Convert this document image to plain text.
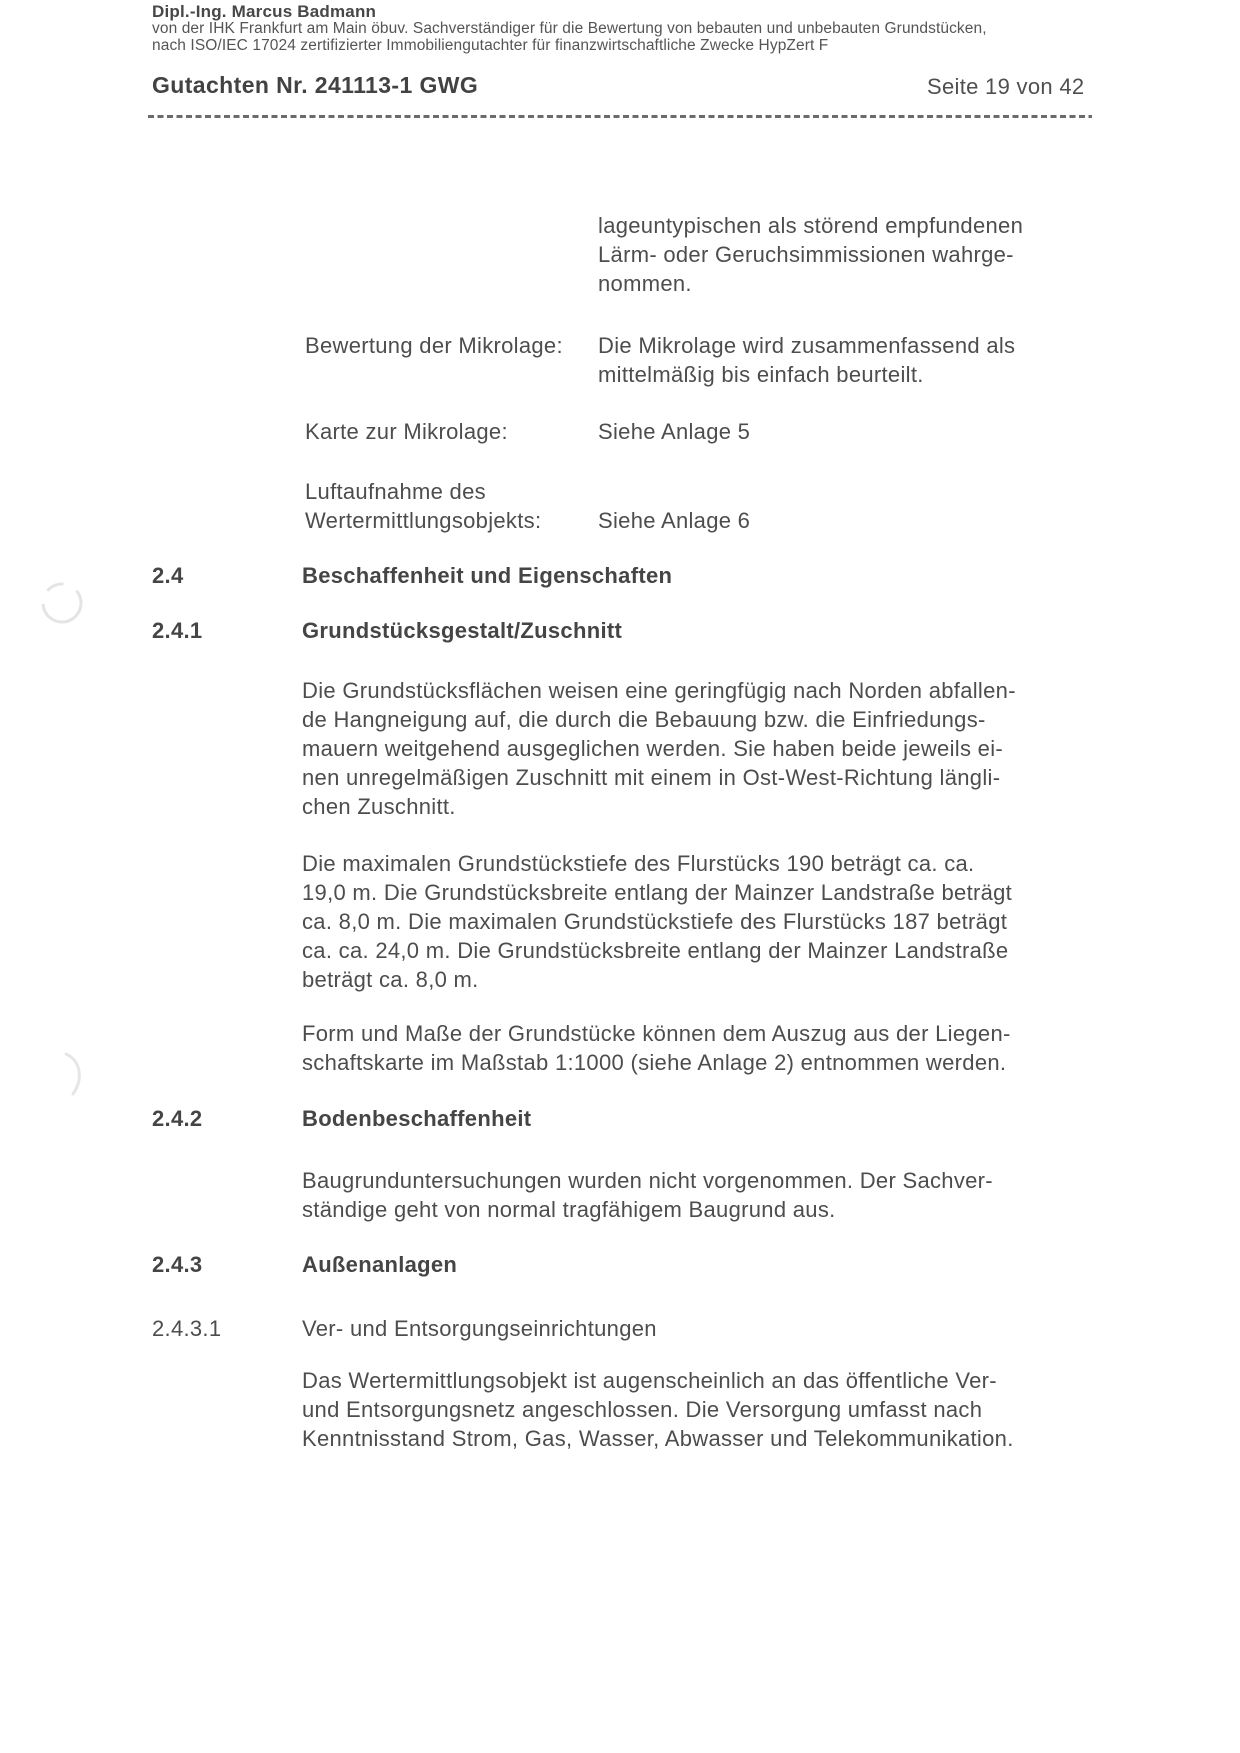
Dipl.-Ing. Marcus Badmann
von der IHK Frankfurt am Main öbuv. Sachverständiger für die Bewertung von bebauten und unbebauten Grundstücken,
nach ISO/IEC 17024 zertifizierter Immobiliengutachter für finanzwirtschaftliche Zwecke HypZert F
Gutachten Nr. 241113-1 GWG	Seite 19 von 42
lageuntypischen als störend empfundenen
Lärm- oder Geruchsimmissionen wahrge-
nommen.
Bewertung der Mikrolage: Die Mikrolage wird zusammenfassend als
mittelmäßig bis einfach beurteilt.
Karte zur Mikrolage:	Siehe Anlage 5
Luftaufnahme des
Wertermittlungsobjekts:	Siehe Anlage 6
2.4	Beschaffenheit und Eigenschaften
2.4.1	Grundstücksgestalt/Zuschnitt
Die Grundstücksflächen weisen eine geringfügig nach Norden abfallen-
de Hangneigung auf, die durch die Bebauung bzw. die Einfriedungs-
mauern weitgehend ausgeglichen werden. Sie haben beide jeweils ei-
nen unregelmäßigen Zuschnitt mit einem in Ost-West-Richtung längli-
chen Zuschnitt.
Die maximalen Grundstückstiefe des Flurstücks 190 beträgt ca. ca.
19,0 m. Die Grundstücksbreite entlang der Mainzer Landstraße beträgt
ca. 8,0 m. Die maximalen Grundstückstiefe des Flurstücks 187 beträgt
ca. ca. 24,0 m. Die Grundstücksbreite entlang der Mainzer Landstraße
beträgt ca. 8,0 m.
Form und Maße der Grundstücke können dem Auszug aus der Liegen-
schaftskarte im Maßstab 1:1000 (siehe Anlage 2) entnommen werden.
2.4.2	Bodenbeschaffenheit
Baugrunduntersuchungen wurden nicht vorgenommen. Der Sachver-
ständige geht von normal tragfähigem Baugrund aus.
2.4.3	Außenanlagen
2.4.3.1	Ver- und Entsorgungseinrichtungen
Das Wertermittlungsobjekt ist augenscheinlich an das öffentliche Ver-
und Entsorgungsnetz angeschlossen. Die Versorgung umfasst nach
Kenntnisstand Strom, Gas, Wasser, Abwasser und Telekommunikation.
